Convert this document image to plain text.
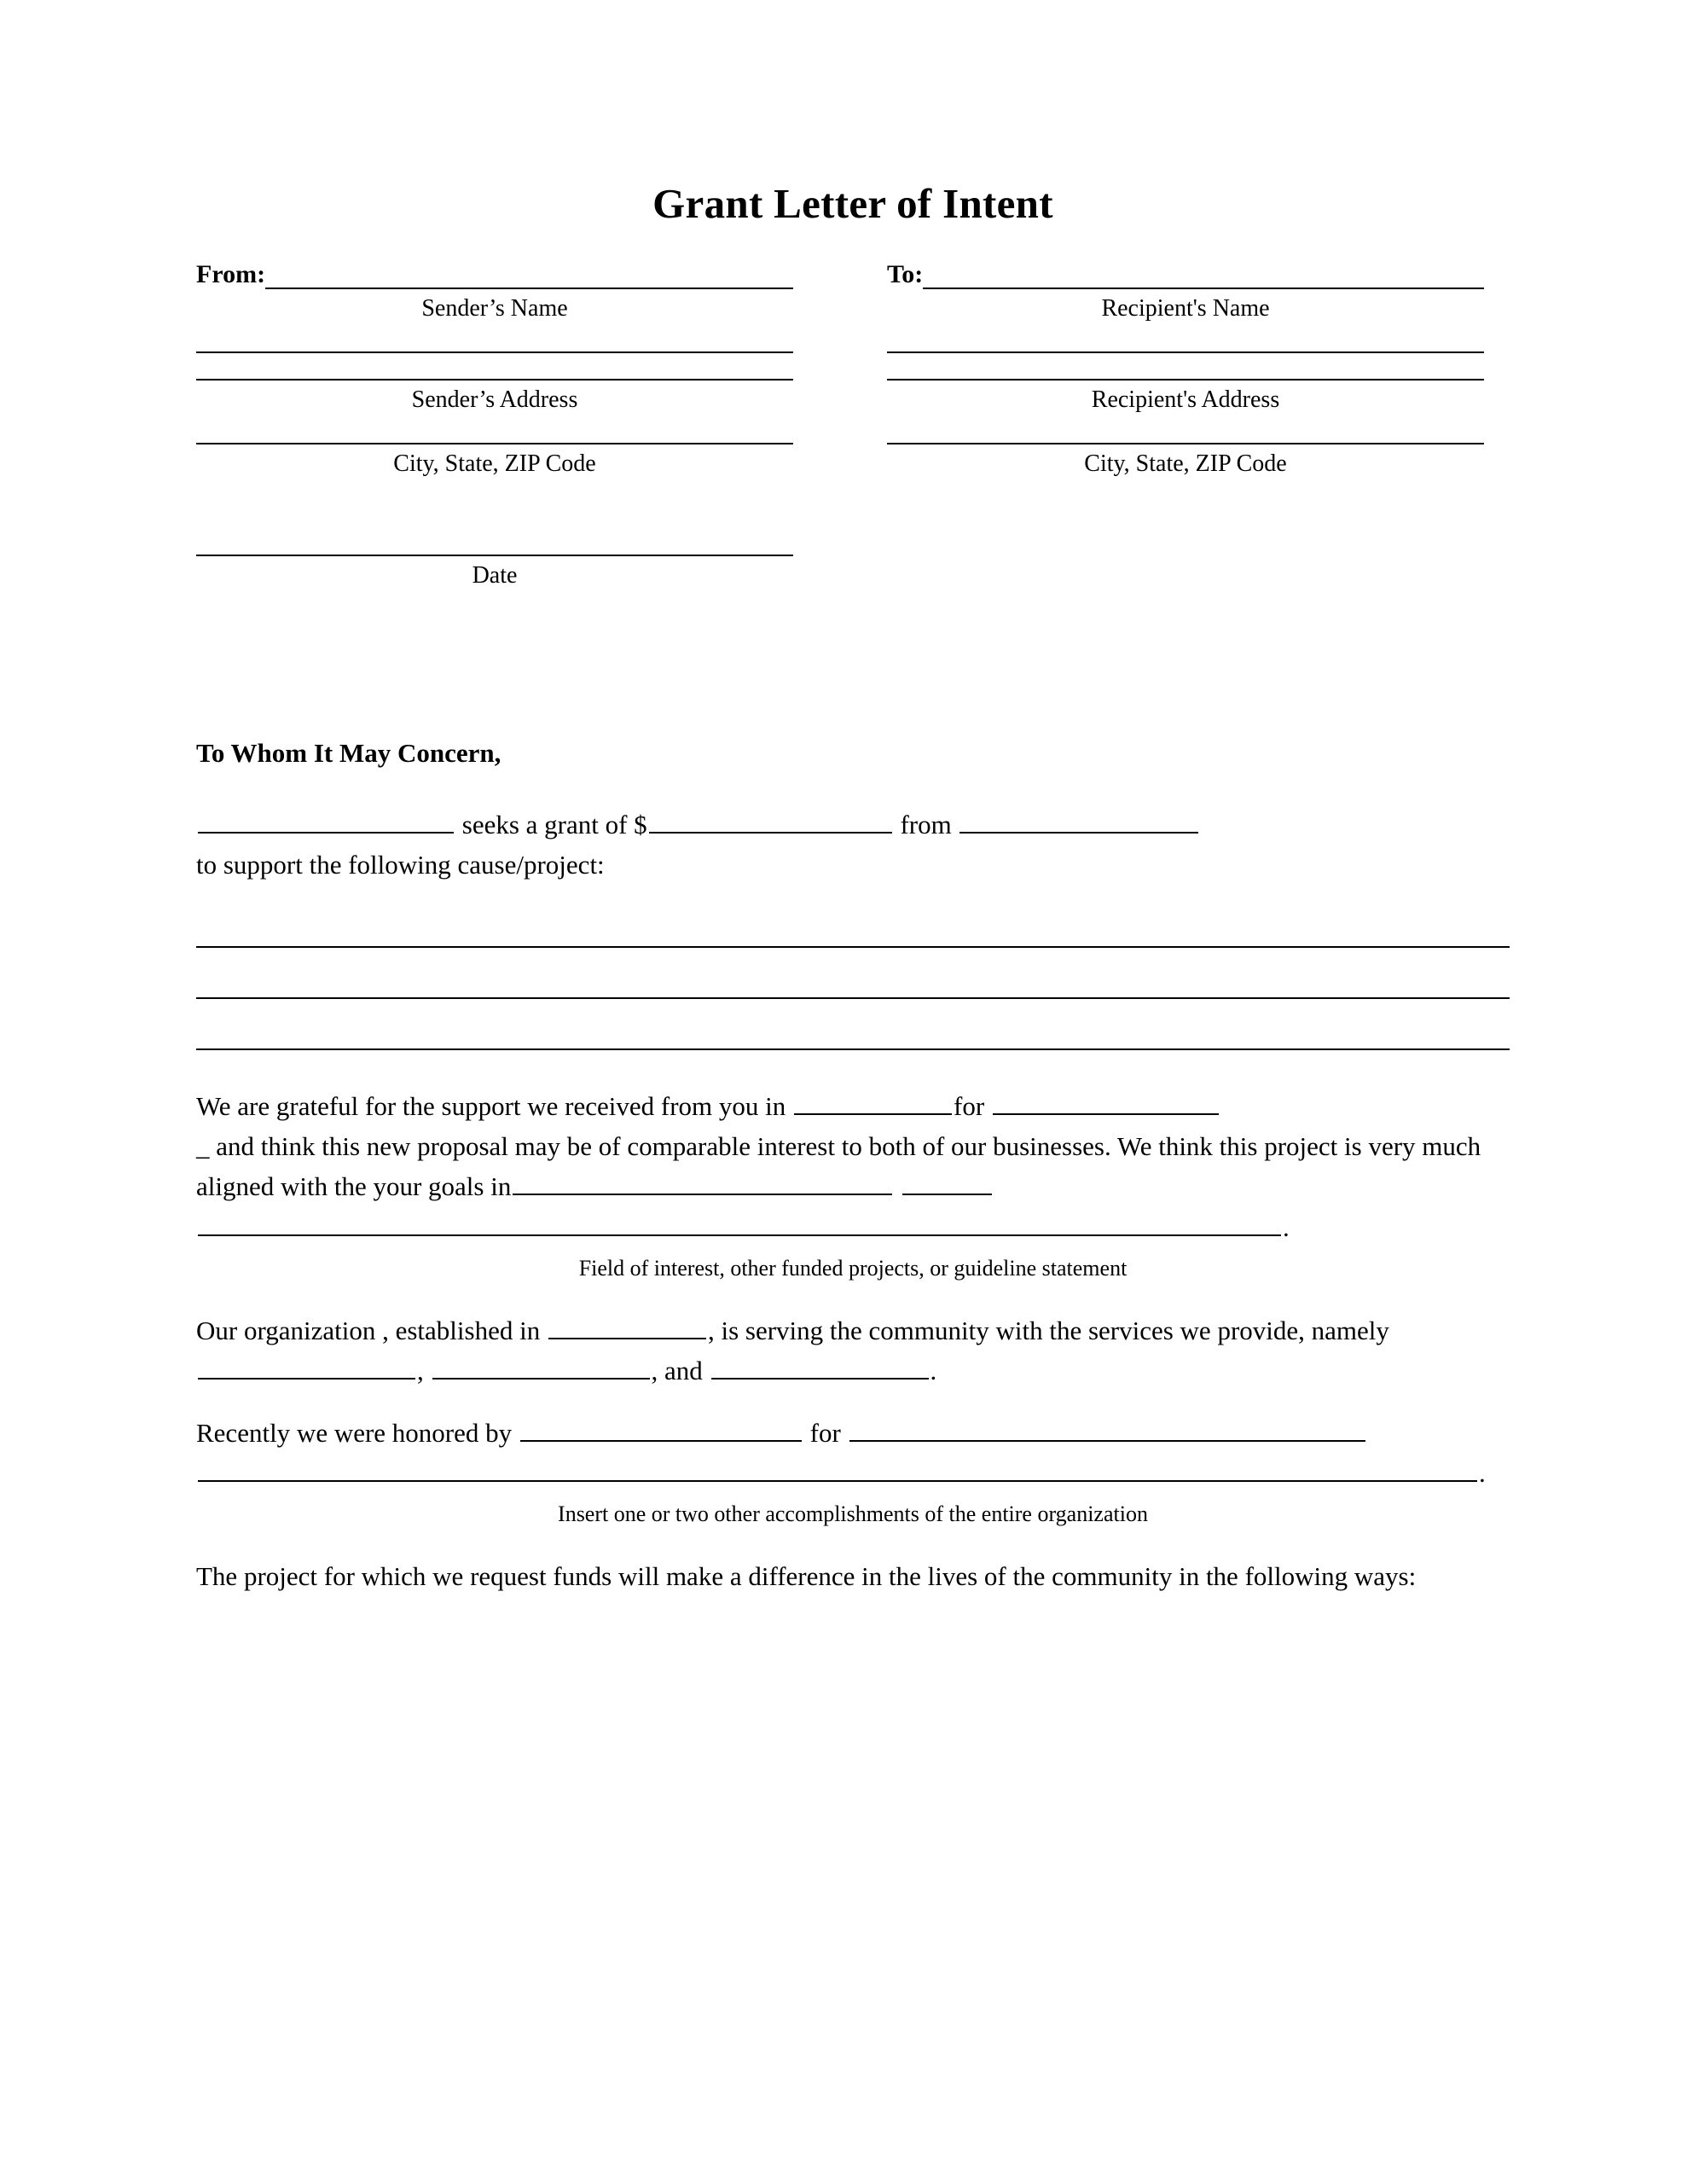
Grant Letter of Intent
From:
Sender’s Name
Sender’s Address
City, State, ZIP Code
Date
To:
Recipient's Name
Recipient's Address
City, State, ZIP Code
To Whom It May Concern,

seeks a grant of $	from
to support the following cause/project:

We are grateful for the support we received from you in	for
_ and think this new proposal may be of comparable interest to both of our businesses. We think this project is very much aligned with the your goals in
.

Field of interest, other funded projects, or guideline statement

Our organization , established in	, is serving the community with the services we provide, namely ,	, and	.

Recently we were honored by	for
.

Insert one or two other accomplishments of the entire organization

The project for which we request funds will make a difference in the lives of the community in the following ways:
